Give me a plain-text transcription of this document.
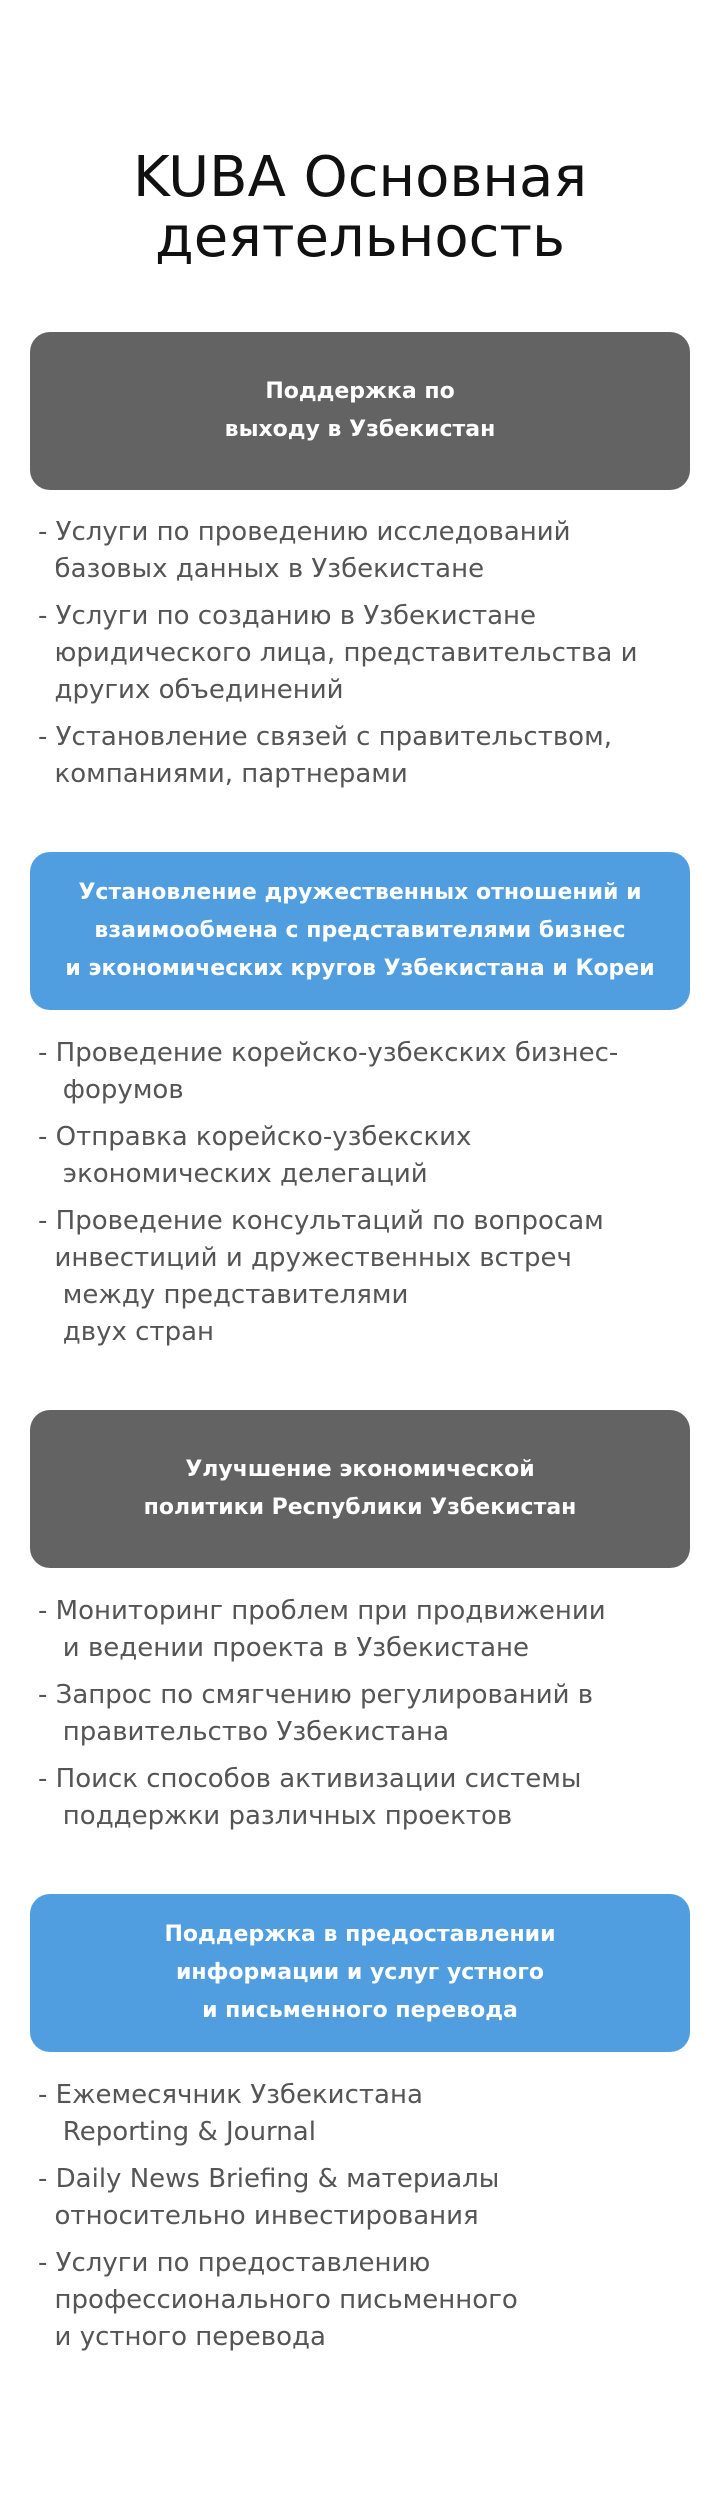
KUBA Основная
деятельность
Поддержка по
выходу в Узбекистан
- Услуги по проведению исследований
базовых данных в Узбекистане
- Услуги по созданию в Узбекистане
юридического лица, представительства и
других объединений
- Установление связей с правительством,
компаниями, партнерами
Установление дружественных отношений и
взаимообмена с представителями бизнес
и экономических кругов Узбекистана и Кореи
- Проведение корейско-узбекских бизнес-
форумов
- Отправка корейско-узбекских
экономических делегаций
- Проведение консультаций по вопросам
инвестиций и дружественных встреч
между представителями
двух стран
Улучшение экономической
политики Республики Узбекистан
- Мониторинг проблем при продвижении
и ведении проекта в Узбекистане
- Запрос по смягчению регулирований в
правительство Узбекистана
- Поиск способов активизации системы
поддержки различных проектов
Поддержка в предоставлении
информации и услуг устного
и письменного перевода
- Ежемесячник Узбекистана
Reporting & Journal
- Daily News Briefing & материалы
относительно инвестирования
- Услуги по предоставлению
профессионального письменного
и устного перевода
